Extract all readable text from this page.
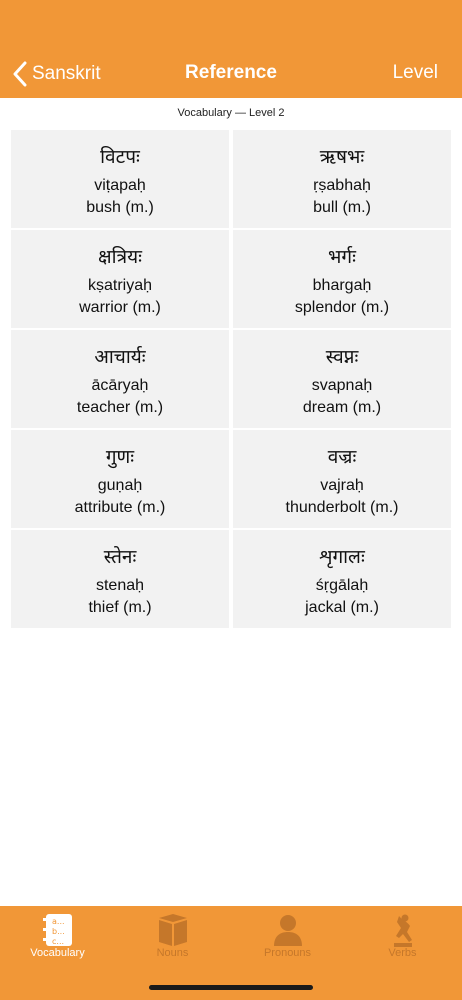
Sanskrit	Reference	Level
Vocabulary — Level 2
विटपः
viṭapaḥ
bush (m.)
ऋषभः
ṛṣabhaḥ
bull (m.)
क्षत्रियः
kṣatriyaḥ
warrior (m.)
भर्गः
bhargaḥ
splendor (m.)
आचार्यः
ācāryaḥ
teacher (m.)
स्वप्नः
svapnaḥ
dream (m.)
गुणः
guṇaḥ
attribute (m.)
वज्रः
vajraḥ
thunderbolt (m.)
स्तेनः
stenaḥ
thief (m.)
शृगालः
śṛgālaḥ
jackal (m.)
a...
b...
c...
Vocabulary	Nouns	Pronouns	Verbs
